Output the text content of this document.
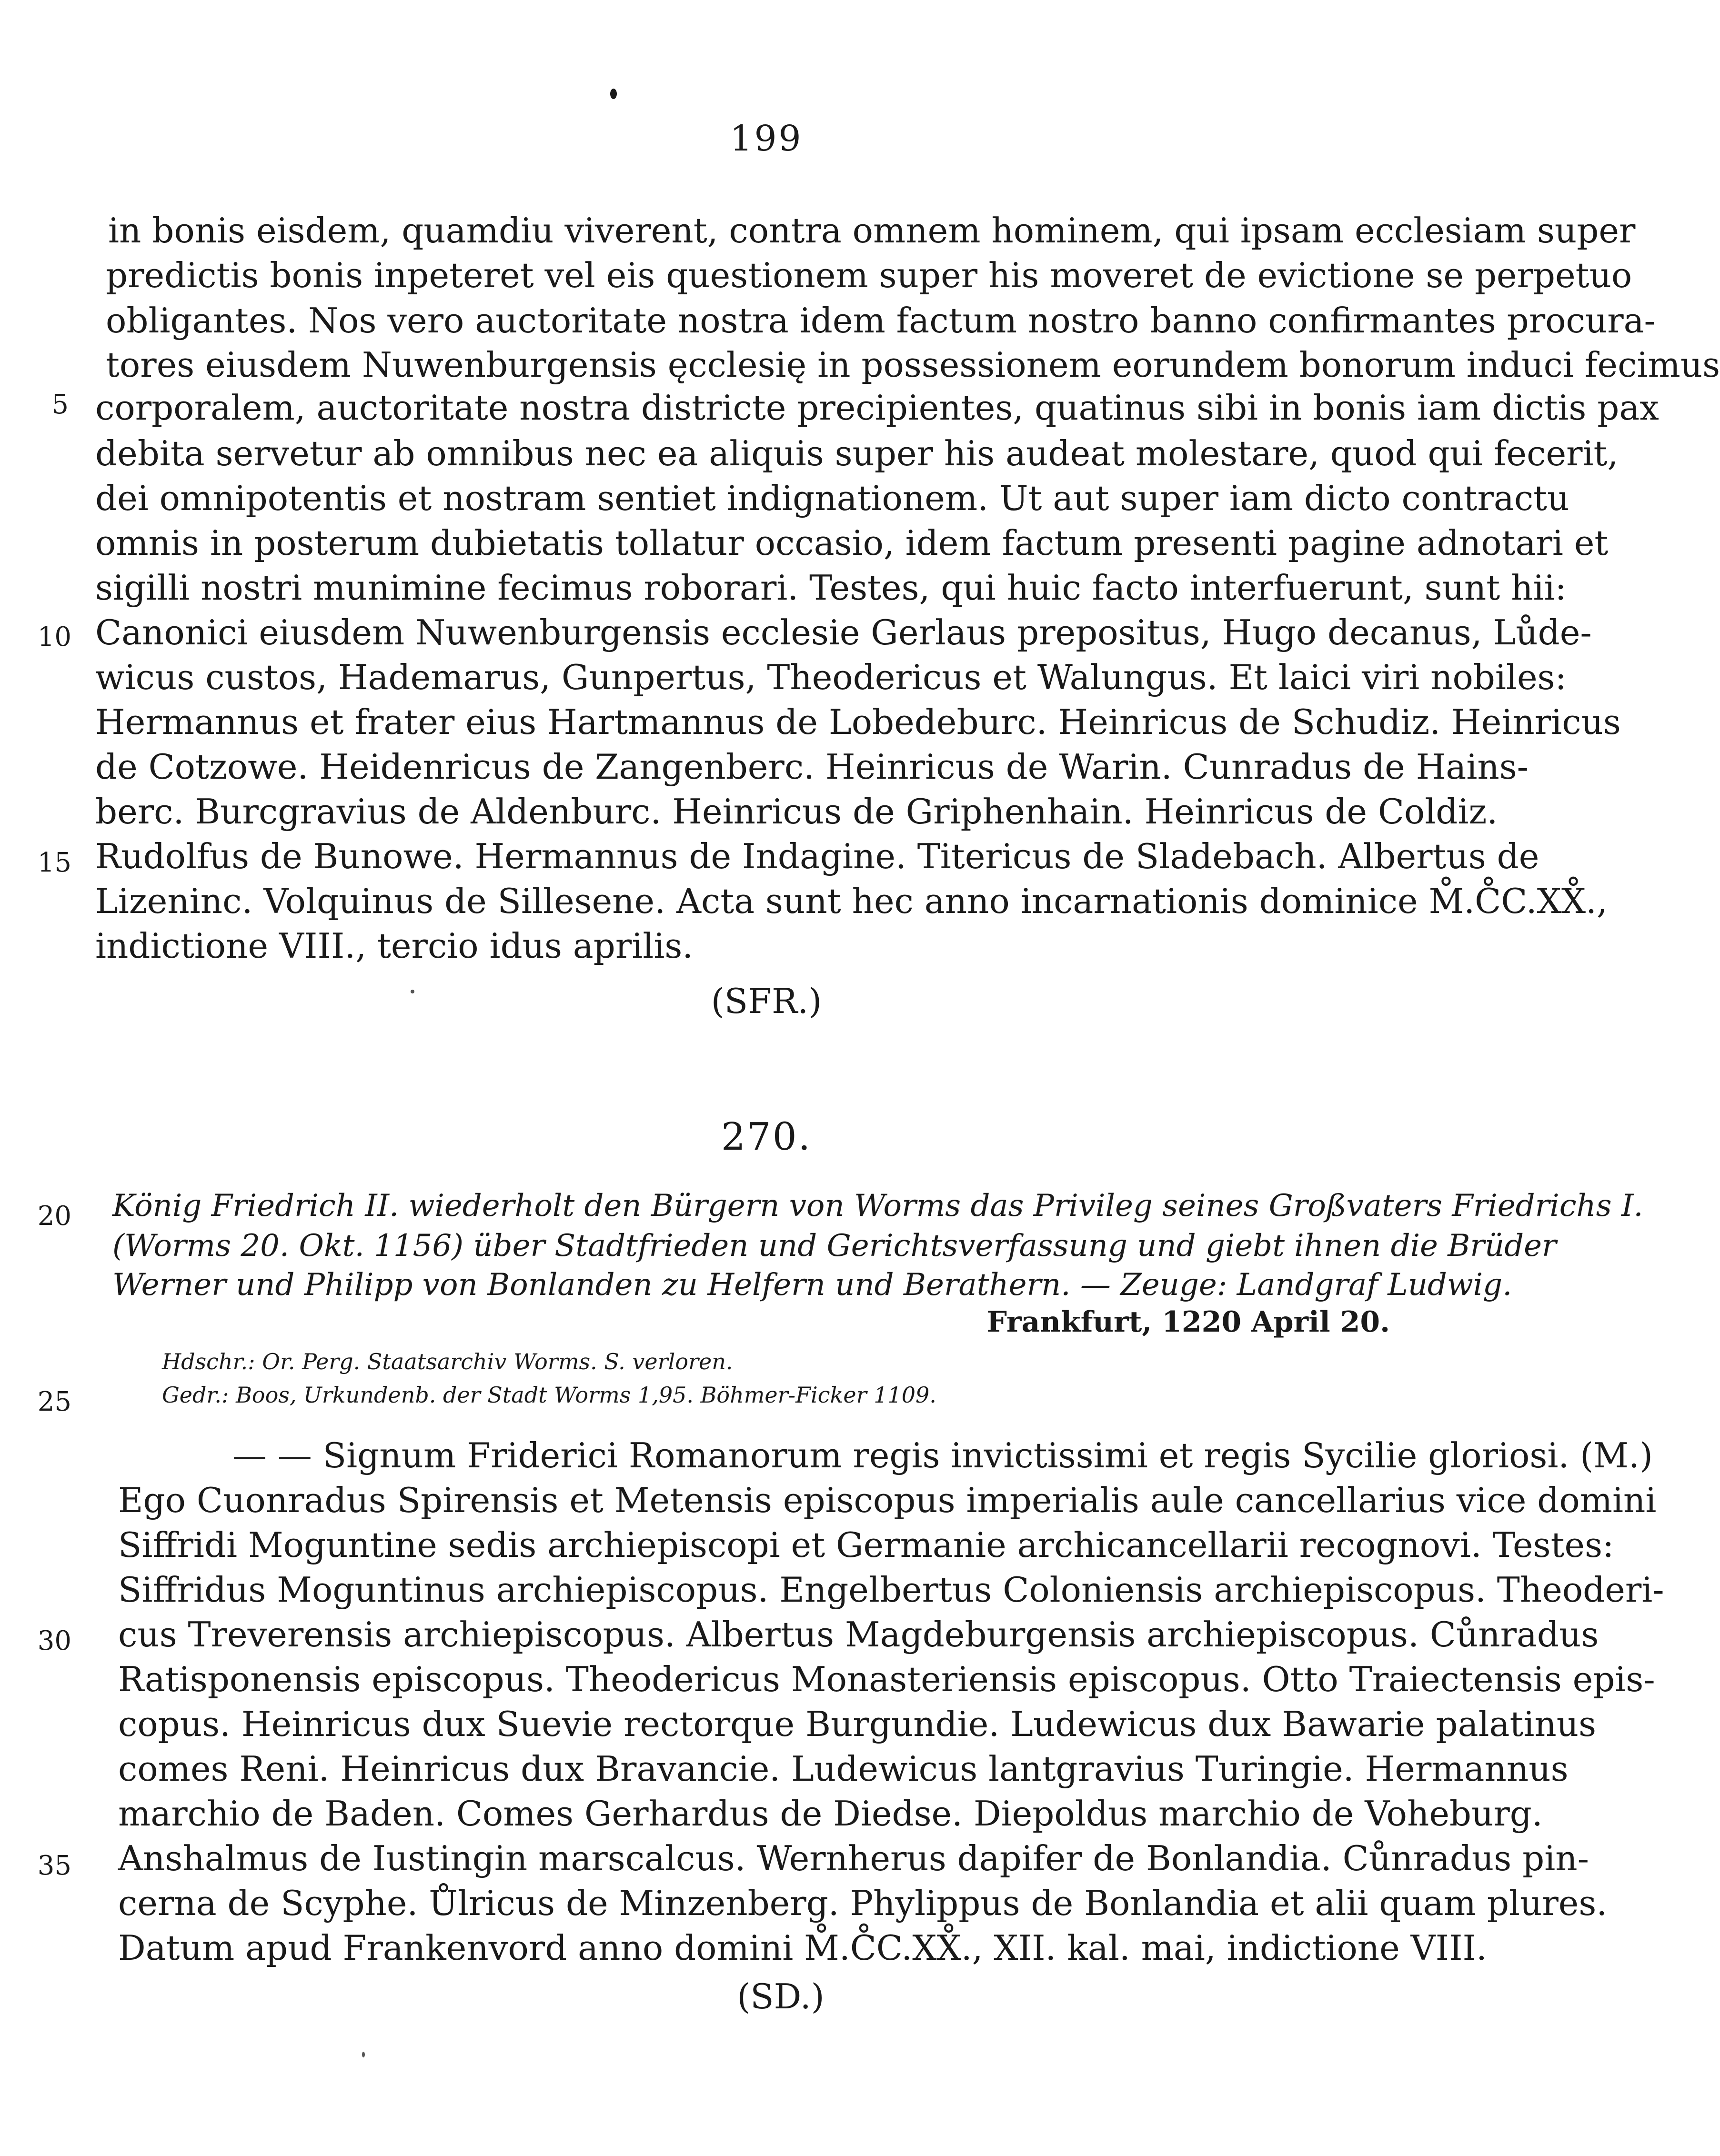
199
in bonis eisdem, quamdiu viverent, contra omnem hominem, qui ipsam ecclesiam super
predictis bonis inpeteret vel eis questionem super his moveret de evictione se perpetuo
obligantes. Nos vero auctoritate nostra idem factum nostro banno confirmantes procura-
tores eiusdem Nuwenburgensis ęcclesię in possessionem eorundem bonorum induci fecimus
5 corporalem, auctoritate nostra districte precipientes, quatinus sibi in bonis iam dictis pax
debita servetur ab omnibus nec ea aliquis super his audeat molestare, quod qui fecerit,
dei omnipotentis et nostram sentiet indignationem. Ut aut super iam dicto contractu
omnis in posterum dubietatis tollatur occasio, idem factum presenti pagine adnotari et
sigilli nostri munimine fecimus roborari. Testes, qui huic facto interfuerunt, sunt hii:
10 Canonici eiusdem Nuwenburgensis ecclesie Gerlaus prepositus, Hugo decanus, Lůde-
wicus custos, Hademarus, Gunpertus, Theodericus et Walungus. Et laici viri nobiles:
Hermannus et frater eius Hartmannus de Lobedeburc. Heinricus de Schudiz. Heinricus
de Cotzowe. Heidenricus de Zangenberc. Heinricus de Warin. Cunradus de Hains-
berc. Burcgravius de Aldenburc. Heinricus de Griphenhain. Heinricus de Coldiz.
15 Rudolfus de Bunowe. Hermannus de Indagine. Titericus de Sladebach. Albertus de
Lizeninc. Volquinus de Sillesene. Acta sunt hec anno incarnationis dominice M̊.C̊C.XX̊.,
indictione VIII., tercio idus aprilis.
(SFR.)
270.
20 König Friedrich II. wiederholt den Bürgern von Worms das Privileg seines Großvaters Friedrichs I.
(Worms 20. Okt. 1156) über Stadtfrieden und Gerichtsverfassung und giebt ihnen die Brüder
Werner und Philipp von Bonlanden zu Helfern und Berathern. — Zeuge: Landgraf Ludwig.
Frankfurt, 1220 April 20.
Hdschr.: Or. Perg. Staatsarchiv Worms. S. verloren.
25	Gedr.: Boos, Urkundenb. der Stadt Worms 1,95. Böhmer-Ficker 1109.
— — Signum Friderici Romanorum regis invictissimi et regis Sycilie gloriosi. (M.)
Ego Cuonradus Spirensis et Metensis episcopus imperialis aule cancellarius vice domini
Siffridi Moguntine sedis archiepiscopi et Germanie archicancellarii recognovi. Testes:
Siffridus Moguntinus archiepiscopus. Engelbertus Coloniensis archiepiscopus. Theoderi-
30 cus Treverensis archiepiscopus. Albertus Magdeburgensis archiepiscopus. Cůnradus
Ratisponensis episcopus. Theodericus Monasteriensis episcopus. Otto Traiectensis epis-
copus. Heinricus dux Suevie rectorque Burgundie. Ludewicus dux Bawarie palatinus
comes Reni. Heinricus dux Bravancie. Ludewicus lantgravius Turingie. Hermannus
marchio de Baden. Comes Gerhardus de Diedse. Diepoldus marchio de Voheburg.
35 Anshalmus de Iustingin marscalcus. Wernherus dapifer de Bonlandia. Cůnradus pin-
cerna de Scyphe. Ůlricus de Minzenberg. Phylippus de Bonlandia et alii quam plures.
Datum apud Frankenvord anno domini M̊.C̊C.XX̊., XII. kal. mai, indictione VIII.
(SD.)
